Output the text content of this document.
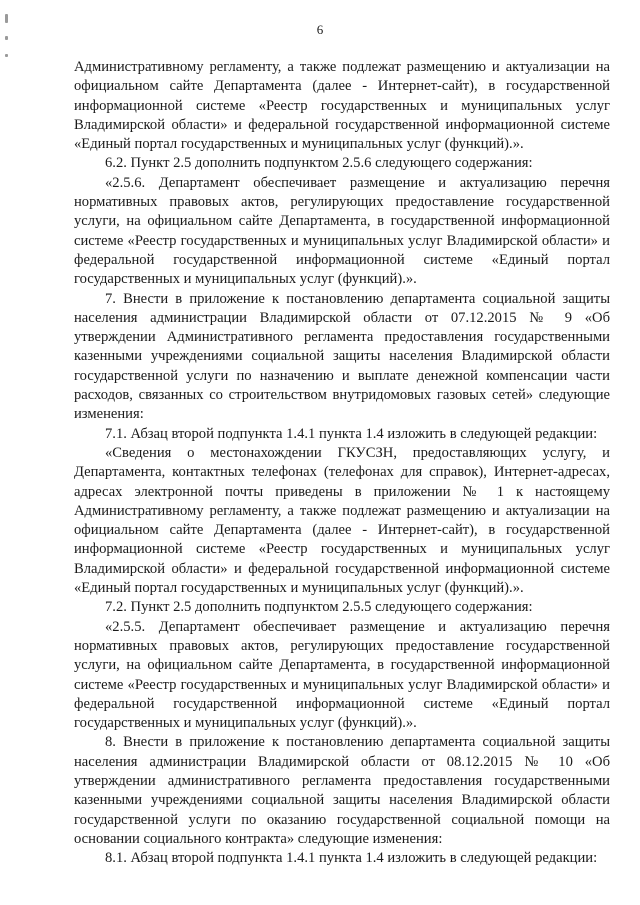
6

Административному регламенту, а также подлежат размещению и актуализации на официальном сайте Департамента (далее - Интернет-сайт), в государственной информационной системе «Реестр государственных и муниципальных услуг Владимирской области» и федеральной государственной информационной системе «Единый портал государственных и муниципальных услуг (функций).».

6.2. Пункт 2.5 дополнить подпунктом 2.5.6 следующего содержания:

«2.5.6. Департамент обеспечивает размещение и актуализацию перечня нормативных правовых актов, регулирующих предоставление государственной услуги, на официальном сайте Департамента, в государственной информационной системе «Реестр государственных и муниципальных услуг Владимирской области» и федеральной государственной информационной системе «Единый портал государственных и муниципальных услуг (функций).».

7. Внести в приложение к постановлению департамента социальной защиты населения администрации Владимирской области от 07.12.2015 № 9 «Об утверждении Административного регламента предоставления государственными казенными учреждениями социальной защиты населения Владимирской области государственной услуги по назначению и выплате денежной компенсации части расходов, связанных со строительством внутридомовых газовых сетей» следующие изменения:

7.1. Абзац второй подпункта 1.4.1 пункта 1.4 изложить в следующей редакции:

«Сведения о местонахождении ГКУСЗН, предоставляющих услугу, и Департамента, контактных телефонах (телефонах для справок), Интернет-адресах, адресах электронной почты приведены в приложении № 1 к настоящему Административному регламенту, а также подлежат размещению и актуализации на официальном сайте Департамента (далее - Интернет-сайт), в государственной информационной системе «Реестр государственных и муниципальных услуг Владимирской области» и федеральной государственной информационной системе «Единый портал государственных и муниципальных услуг (функций).».

7.2. Пункт 2.5 дополнить подпунктом 2.5.5 следующего содержания:

«2.5.5. Департамент обеспечивает размещение и актуализацию перечня нормативных правовых актов, регулирующих предоставление государственной услуги, на официальном сайте Департамента, в государственной информационной системе «Реестр государственных и муниципальных услуг Владимирской области» и федеральной государственной информационной системе «Единый портал государственных и муниципальных услуг (функций).».

8. Внести в приложение к постановлению департамента социальной защиты населения администрации Владимирской области от 08.12.2015 № 10 «Об утверждении административного регламента предоставления государственными казенными учреждениями социальной защиты населения Владимирской области государственной услуги по оказанию государственной социальной помощи на основании социального контракта» следующие изменения:

8.1. Абзац второй подпункта 1.4.1 пункта 1.4 изложить в следующей редакции:
